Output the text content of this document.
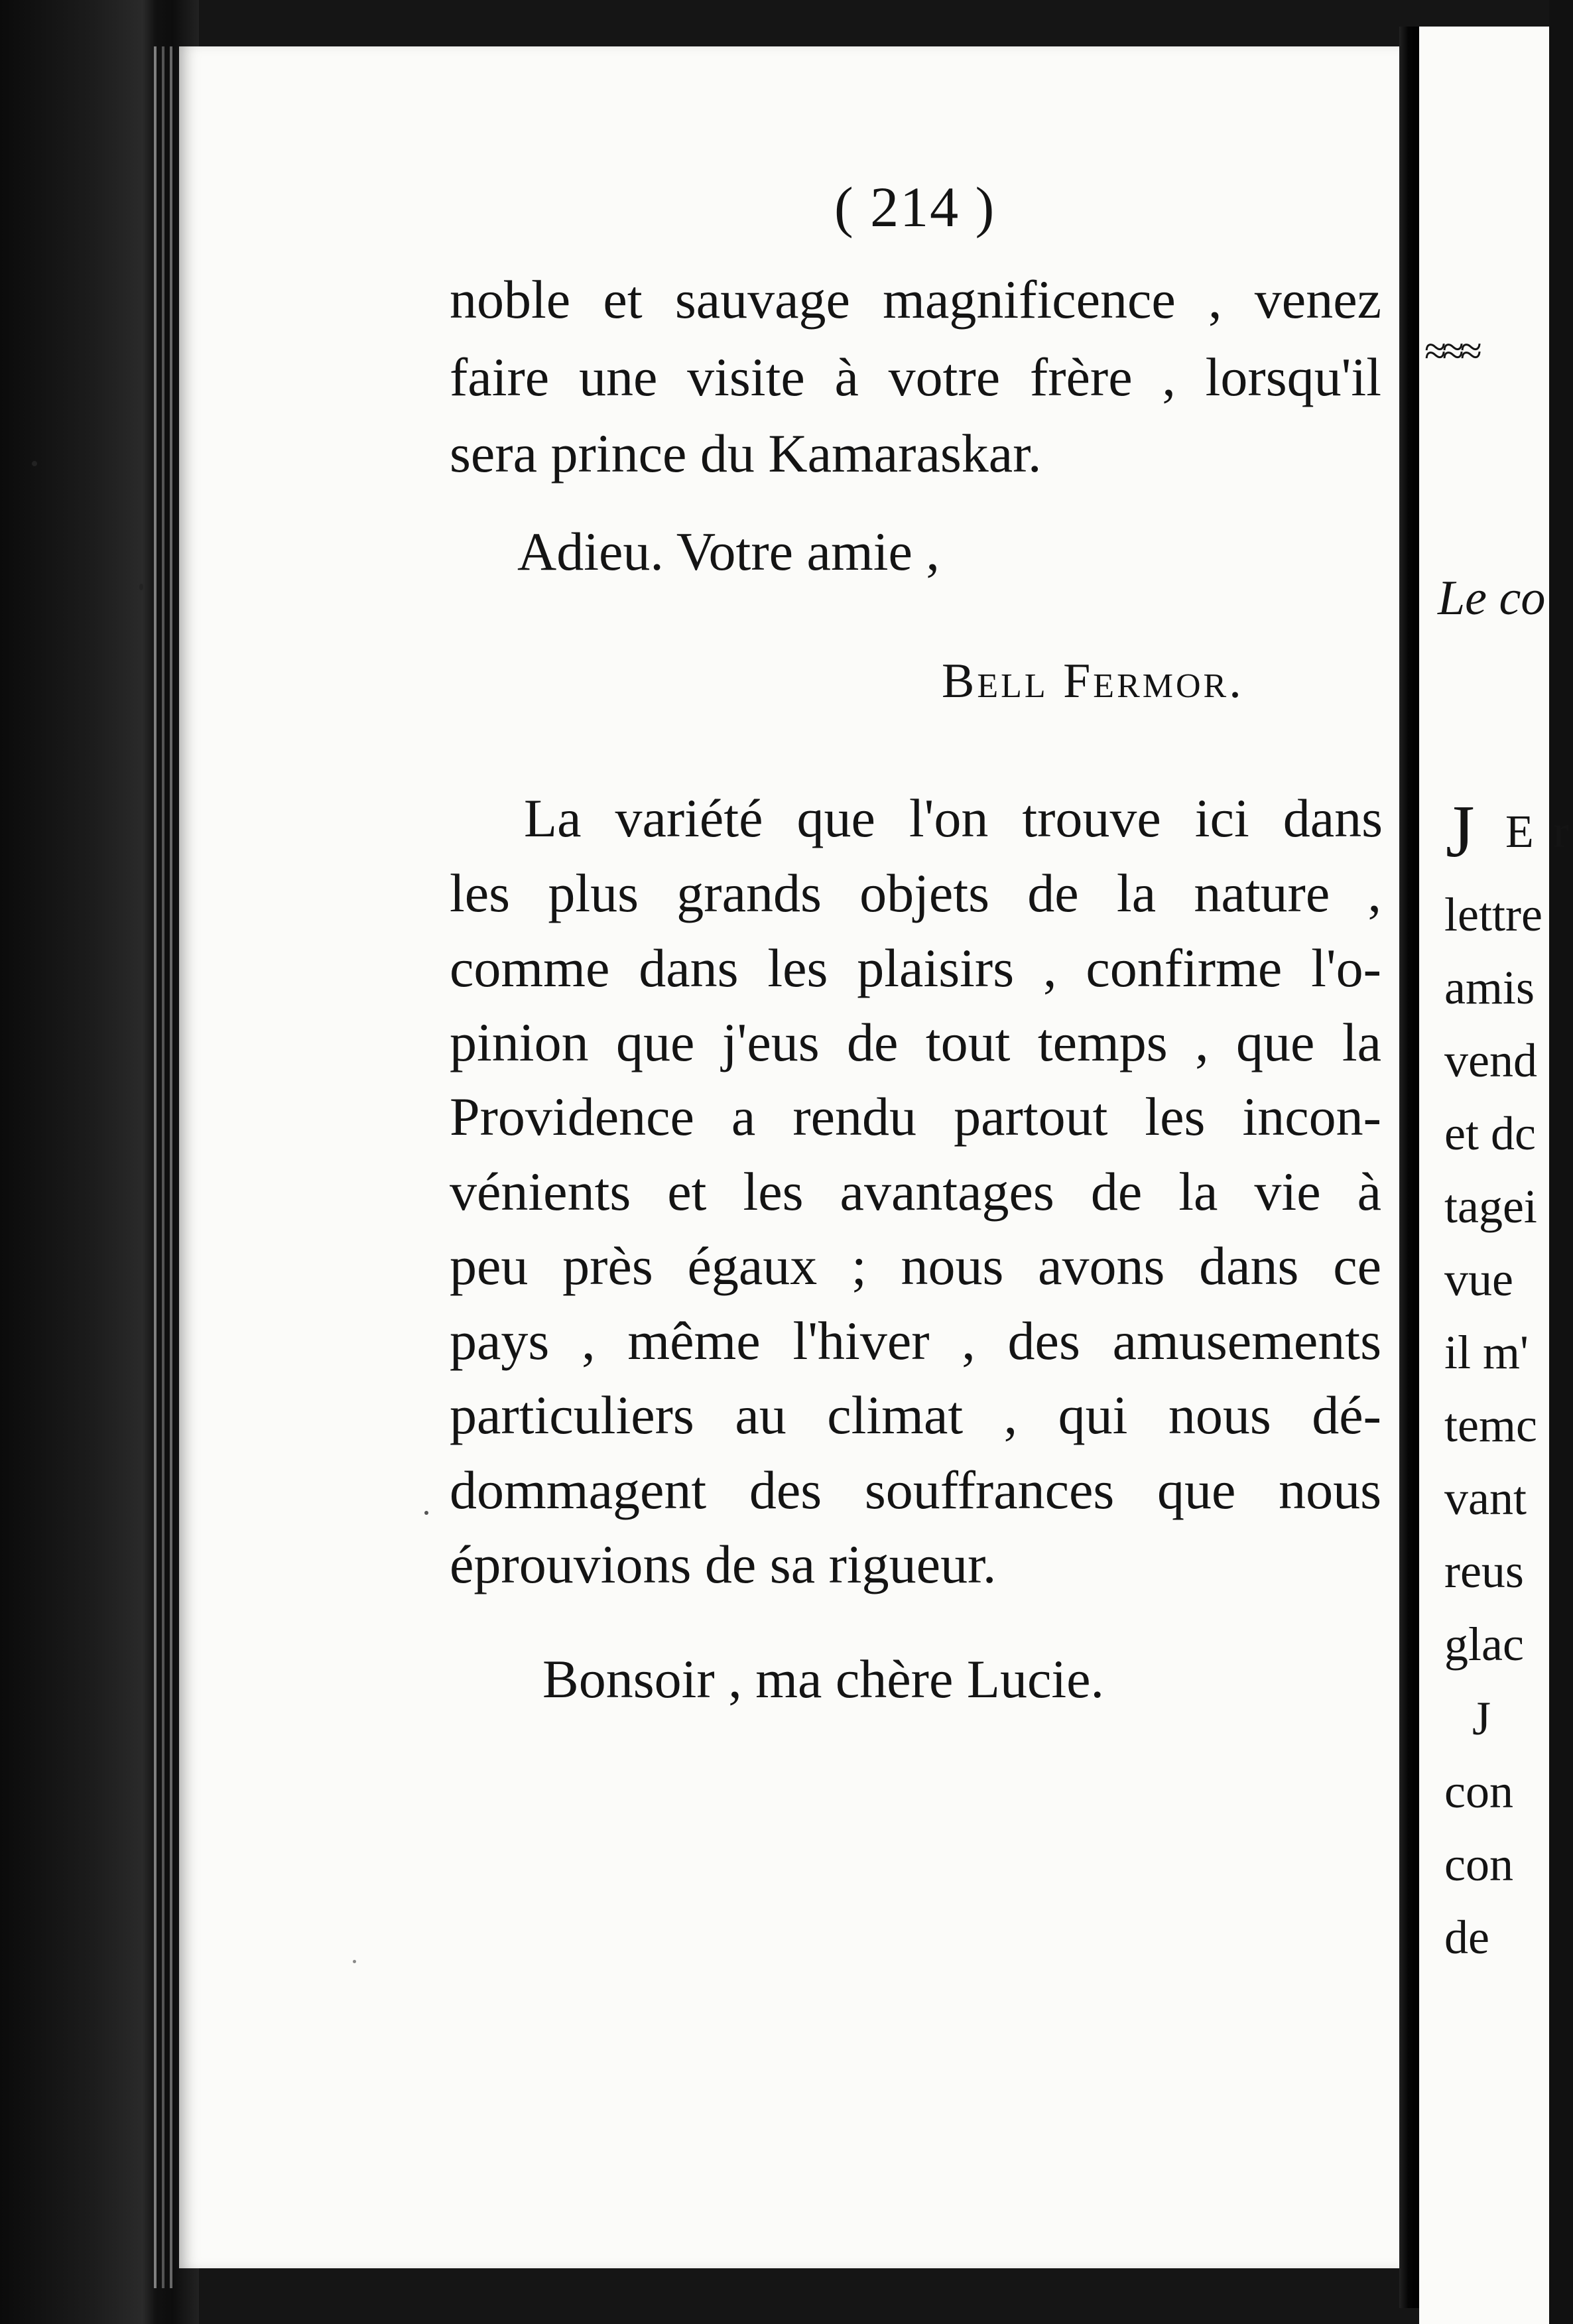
( 214 )

noble et sauvage magnificence , venez

faire une visite à votre frère , lorsqu'il

sera prince du Kamaraskar.

Adieu. Votre amie ,

Bell Fermor.

La variété que l'on trouve ici dans

les plus grands objets de la nature ,

comme dans les plaisirs , confirme l'o-

pinion que j'eus de tout temps , que la

Providence a rendu partout les incon-

vénients et les avantages de la vie à

peu près égaux ; nous avons dans ce

pays , même l'hiver , des amusements

particuliers au climat , qui nous dé-

dommagent des souffrances que nous

éprouvions de sa rigueur.

Bonsoir , ma chère Lucie.

≈≈≈

Le co

J E r

lettre

amis

vend

et dc

tagei

vue

il m'

temc

vant

reus

glac

J

con

con

de
